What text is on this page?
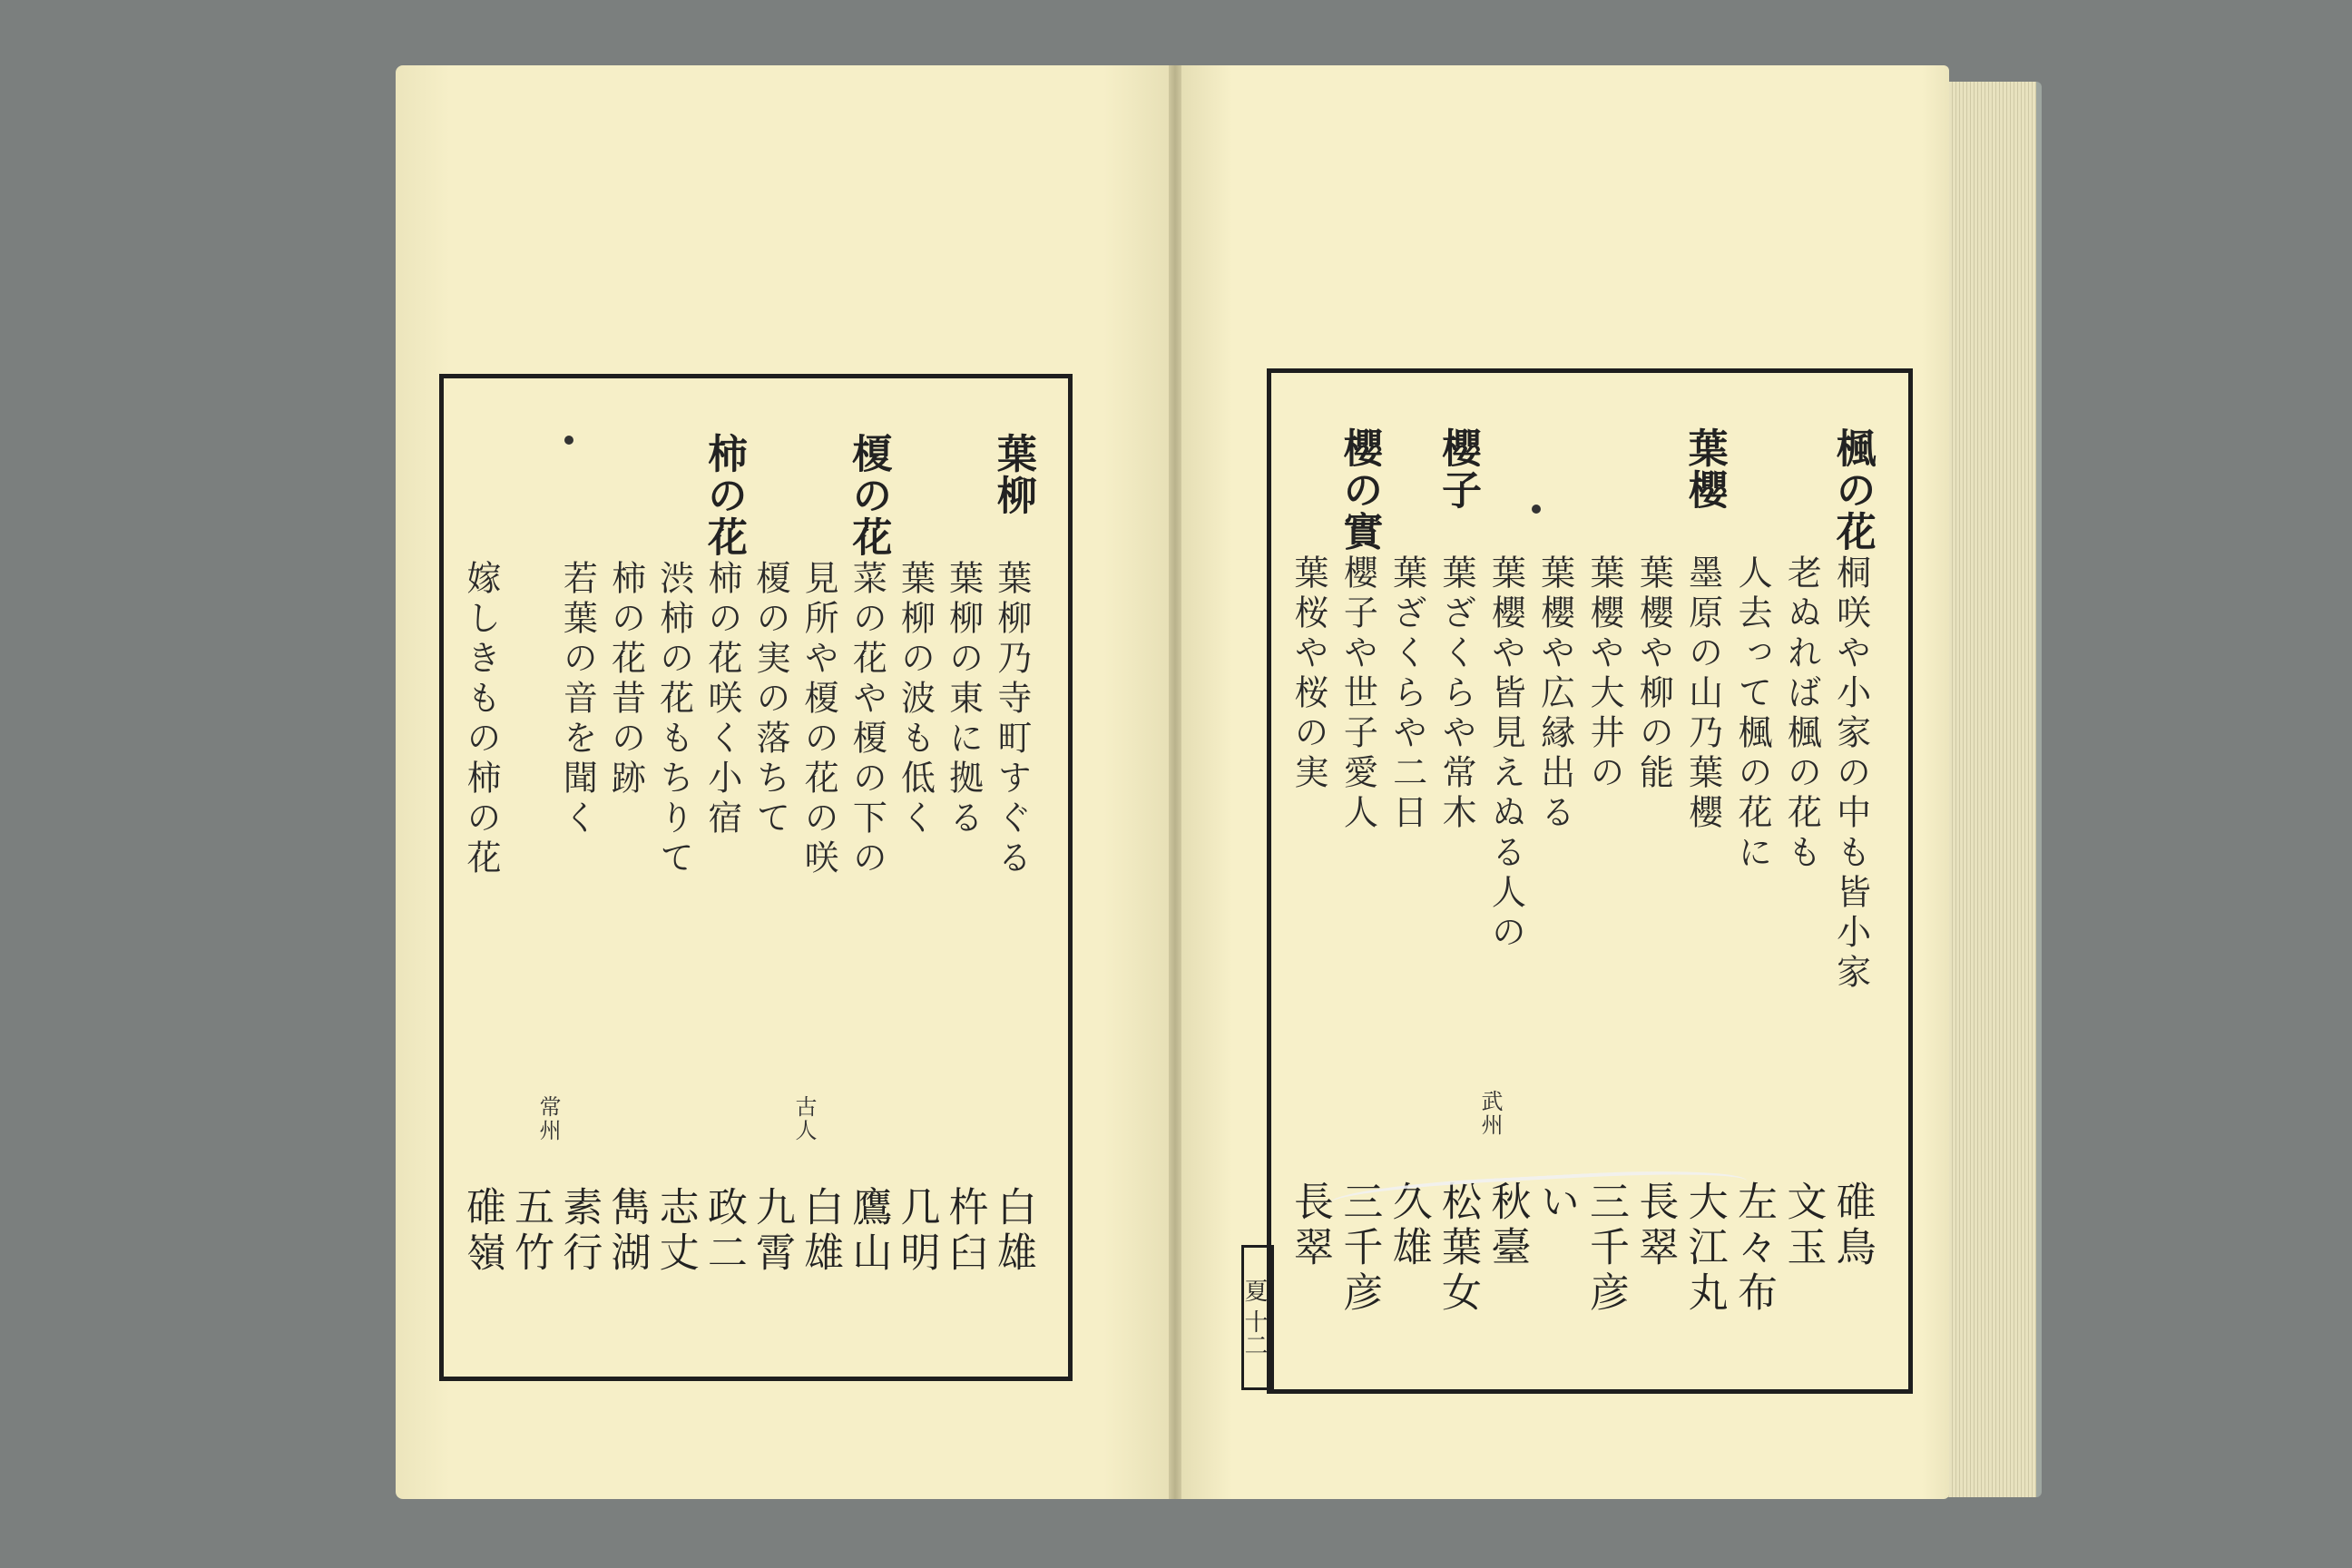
常州	古人
葉柳
葉柳乃寺町すぐる
白雄
葉柳の東に拠る
杵臼
葉柳の波も低く
几明
榎の花
菜の花や榎の下の
鷹山
見所や榎の花の咲
白雄
榎の実の落ちて
九霄
柿の花
柿の花咲く小宿
政二
渋柿の花もちりて
志丈
柿の花昔の跡
雋湖
若葉の音を聞く
素行
五竹
嫁しきもの柿の花
碓嶺
武州
楓の花
桐咲や小家の中も皆小家
碓鳥
老ぬれば楓の花も
文玉
人去って楓の花に
左々布
葉櫻
墨原の山乃葉櫻
大江丸
葉櫻や柳の能
長翠
葉櫻や大井の
三千彦
葉櫻や広縁出る
い
葉櫻や皆見えぬる人の
秋臺
櫻子
葉ざくらや常木
松葉女
葉ざくらや二日
久雄
櫻の實
櫻子や世子愛人
三千彦
葉桜や桜の実
長翠
夏 十二
